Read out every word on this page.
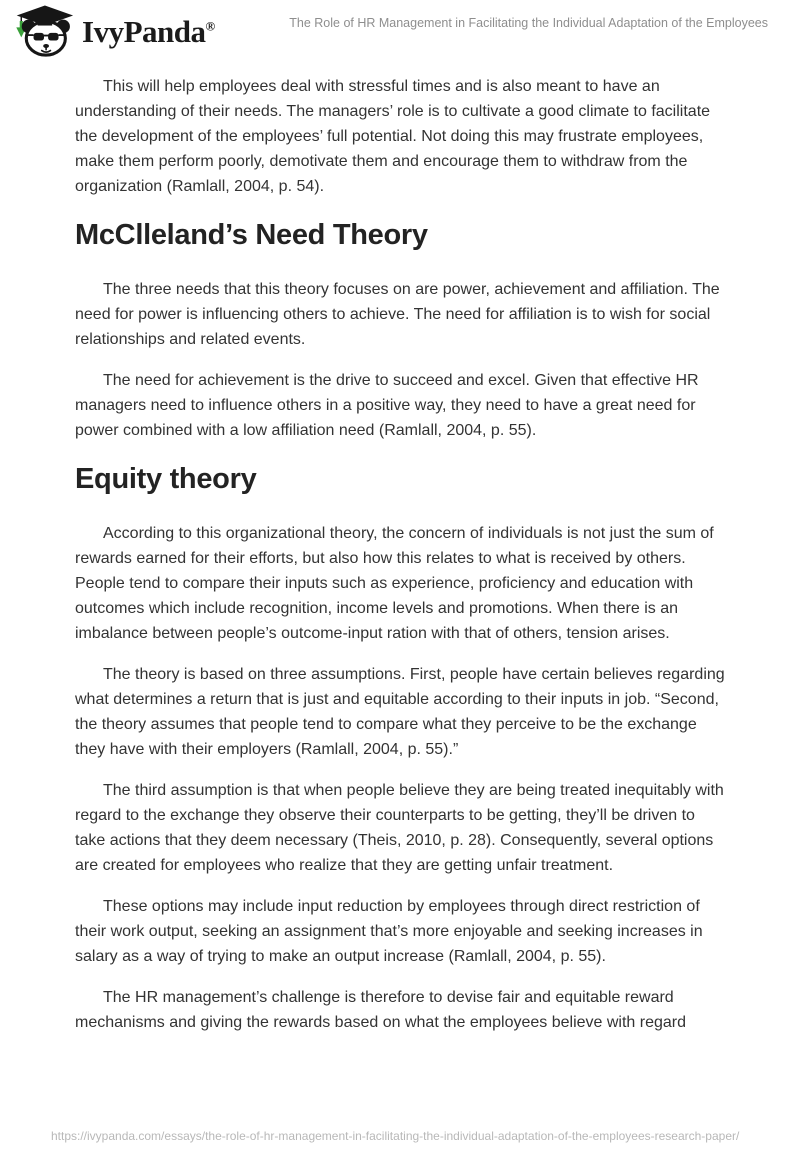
IvyPanda®	The Role of HR Management in Facilitating the Individual Adaptation of the Employees

This will help employees deal with stressful times and is also meant to have an understanding of their needs. The managers’ role is to cultivate a good climate to facilitate the development of the employees’ full potential. Not doing this may frustrate employees, make them perform poorly, demotivate them and encourage them to withdraw from the organization (Ramlall, 2004, p. 54).

McClleland’s Need Theory

The three needs that this theory focuses on are power, achievement and affiliation. The need for power is influencing others to achieve. The need for affiliation is to wish for social relationships and related events.

The need for achievement is the drive to succeed and excel. Given that effective HR managers need to influence others in a positive way, they need to have a great need for power combined with a low affiliation need (Ramlall, 2004, p. 55).

Equity theory

According to this organizational theory, the concern of individuals is not just the sum of rewards earned for their efforts, but also how this relates to what is received by others. People tend to compare their inputs such as experience, proficiency and education with outcomes which include recognition, income levels and promotions. When there is an imbalance between people’s outcome-input ration with that of others, tension arises.

The theory is based on three assumptions. First, people have certain believes regarding what determines a return that is just and equitable according to their inputs in job. “Second, the theory assumes that people tend to compare what they perceive to be the exchange they have with their employers (Ramlall, 2004, p. 55).”

The third assumption is that when people believe they are being treated inequitably with regard to the exchange they observe their counterparts to be getting, they’ll be driven to take actions that they deem necessary (Theis, 2010, p. 28). Consequently, several options are created for employees who realize that they are getting unfair treatment.

These options may include input reduction by employees through direct restriction of their work output, seeking an assignment that’s more enjoyable and seeking increases in salary as a way of trying to make an output increase (Ramlall, 2004, p. 55).

The HR management’s challenge is therefore to devise fair and equitable reward mechanisms and giving the rewards based on what the employees believe with regard

https://ivypanda.com/essays/the-role-of-hr-management-in-facilitating-the-individual-adaptation-of-the-employees-research-paper/
